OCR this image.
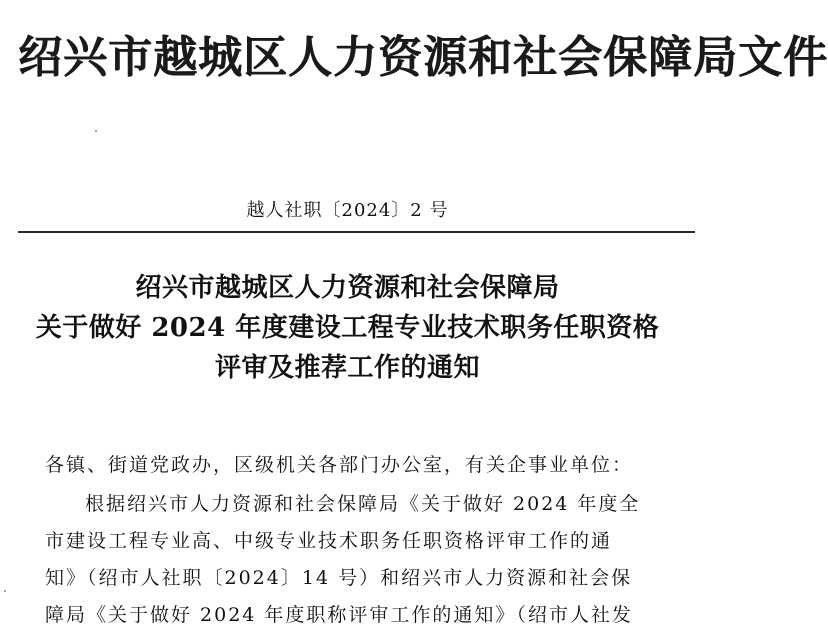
绍兴市越城区人力资源和社会保障局文件
越人社职〔2024〕2 号
绍兴市越城区人力资源和社会保障局
关于做好 2024 年度建设工程专业技术职务任职资格
评审及推荐工作的通知
各镇、街道党政办，区级机关各部门办公室，有关企事业单位：
根据绍兴市人力资源和社会保障局《关于做好 2024 年度全
市建设工程专业高、中级专业技术职务任职资格评审工作的通
知》（绍市人社职〔2024〕14 号）和绍兴市人力资源和社会保
障局《关于做好 2024 年度职称评审工作的通知》（绍市人社发
